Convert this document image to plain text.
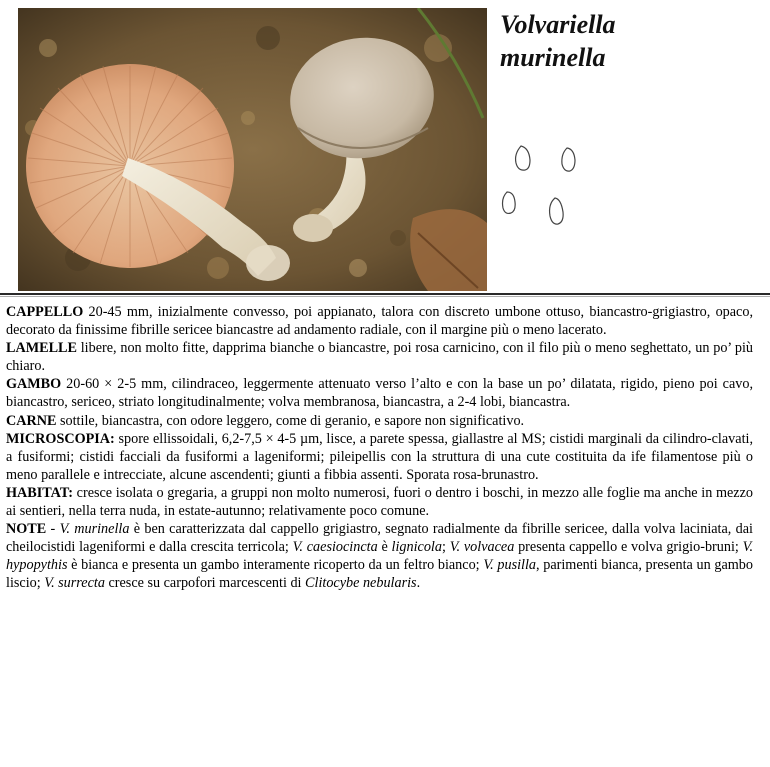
Volvariella
murinella

CAPPELLO 20-45 mm, inizialmente convesso, poi appianato, talora con discreto umbone ottuso, biancastro-grigiastro, opaco, decorato da finissime fibrille sericee biancastre ad andamento radiale, con il margine più o meno lacerato.

LAMELLE libere, non molto fitte, dapprima bianche o biancastre, poi rosa carnicino, con il filo più o meno seghettato, un po’ più chiaro.

GAMBO 20-60 × 2-5 mm, cilindraceo, leggermente attenuato verso l’alto e con la base un po’ dilatata, rigido, pieno poi cavo, biancastro, sericeo, striato longitudinalmente; volva membranosa, biancastra, a 2-4 lobi, biancastra.

CARNE sottile, biancastra, con odore leggero, come di geranio, e sapore non significativo.

MICROSCOPIA: spore ellissoidali, 6,2-7,5 × 4-5 µm, lisce, a parete spessa, giallastre al MS; cistidi marginali da cilindro-clavati, a fusiformi; cistidi facciali da fusiformi a lageniformi; pileipellis con la struttura di una cute costituita da ife filamentose più o meno parallele e intrecciate, alcune ascendenti; giunti a fibbia assenti. Sporata rosa-brunastro.

HABITAT: cresce isolata o gregaria, a gruppi non molto numerosi, fuori o dentro i boschi, in mezzo alle foglie ma anche in mezzo ai sentieri, nella terra nuda, in estate-autunno; relativamente poco comune.

NOTE - V. murinella è ben caratterizzata dal cappello grigiastro, segnato radialmente da fibrille sericee, dalla volva laciniata, dai cheilocistidi lageniformi e dalla crescita terricola; V. caesiocincta è lignicola; V. volvacea presenta cappello e volva grigio-bruni; V. hypopythis è bianca e presenta un gambo interamente ricoperto da un feltro bianco; V. pusilla, parimenti bianca, presenta un gambo liscio; V. surrecta cresce su carpofori marcescenti di Clitocybe nebularis.
